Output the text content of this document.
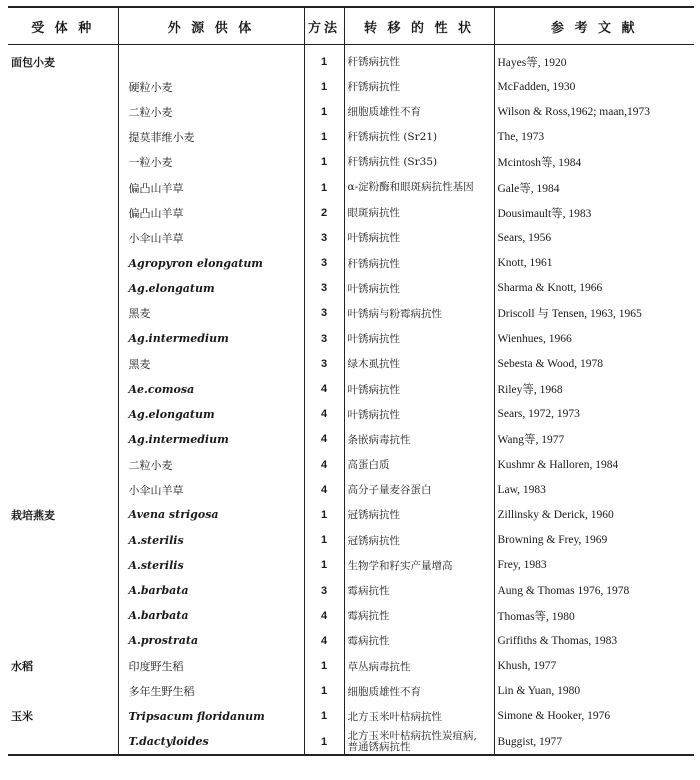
受 体 种	外 源 供 体	方法	转 移 的 性 状	参 考 文 献
面包小麦		1	秆锈病抗性	Hayes等, 1920
	硬粒小麦	1	秆锈病抗性	McFadden, 1930
	二粒小麦	1	细胞质雄性不育	Wilson & Ross,1962; maan,1973
	提莫菲维小麦	1	秆锈病抗性 (Sr21)	The, 1973
	一粒小麦	1	秆锈病抗性 (Sr35)	Mcintosh等, 1984
	偏凸山羊草	1	α-淀粉酶和眼斑病抗性基因	Gale等, 1984
	偏凸山羊草	2	眼斑病抗性	Dousimault等, 1983
	小伞山羊草	3	叶锈病抗性	Sears, 1956
	Agropyron elongatum	3	秆锈病抗性	Knott, 1961
	Ag.elongatum	3	叶锈病抗性	Sharma & Knott, 1966
	黑麦	3	叶锈病与粉霉病抗性	Driscoll 与 Tensen, 1963, 1965
	Ag.intermedium	3	叶锈病抗性	Wienhues, 1966
	黑麦	3	绿木虱抗性	Sebesta & Wood, 1978
	Ae.comosa	4	叶锈病抗性	Riley等, 1968
	Ag.elongatum	4	叶锈病抗性	Sears, 1972, 1973
	Ag.intermedium	4	条嵌病毒抗性	Wang等, 1977
	二粒小麦	4	高蛋白质	Kushmr & Halloren, 1984
	小伞山羊草	4	高分子量麦谷蛋白	Law, 1983
栽培燕麦	Avena strigosa	1	冠锈病抗性	Zillinsky & Derick, 1960
	A.sterilis	1	冠锈病抗性	Browning & Frey, 1969
	A.sterilis	1	生物学和籽实产量增高	Frey, 1983
	A.barbata	3	霉病抗性	Aung & Thomas 1976, 1978
	A.barbata	4	霉病抗性	Thomas等, 1980
	A.prostrata	4	霉病抗性	Griffiths & Thomas, 1983
水稻	印度野生稻	1	草丛病毒抗性	Khush, 1977
	多年生野生稻	1	细胞质雄性不育	Lin & Yuan, 1980
玉米	Tripsacum floridanum	1	北方玉米叶枯病抗性	Simone & Hooker, 1976
	T.dactyloides	1	北方玉米叶枯病抗性炭疽病, 普通锈病抗性	Buggist, 1977
